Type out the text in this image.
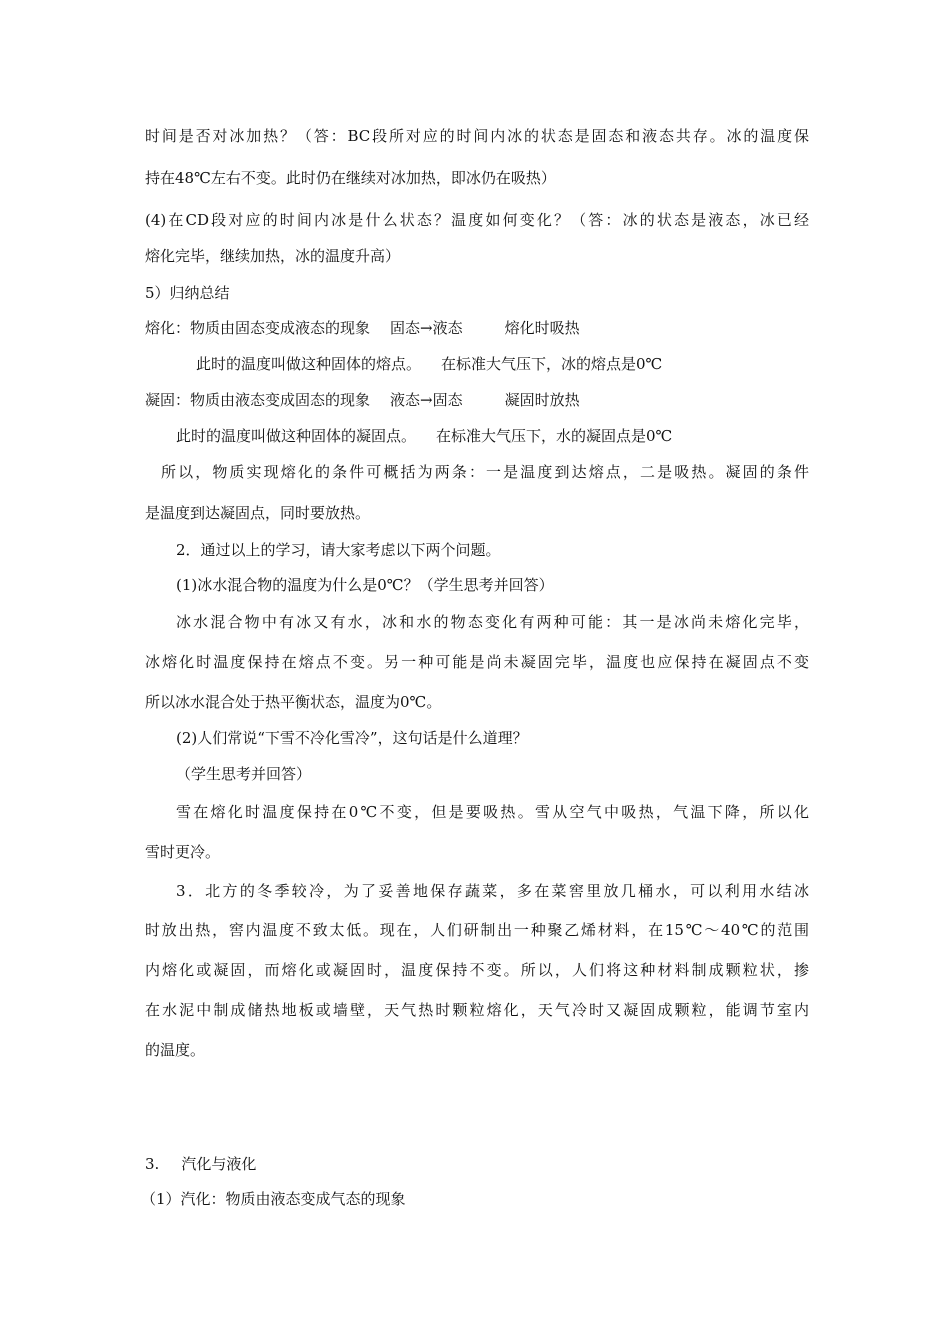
时间是否对冰加热？（答：BC段所对应的时间内冰的状态是固态和液态共存。冰的温度保
持在48℃左右不变。此时仍在继续对冰加热，即冰仍在吸热）
(4)在CD段对应的时间内冰是什么状态？温度如何变化？（答：冰的状态是液态，冰已经
熔化完毕，继续加热，冰的温度升高）
5）归纳总结
熔化：物质由固态变成液态的现象 固态→液态	熔化时吸热
此时的温度叫做这种固体的熔点。 在标准大气压下，冰的熔点是0℃
凝固：物质由液态变成固态的现象 液态→固态	凝固时放热
此时的温度叫做这种固体的凝固点。 在标准大气压下，水的凝固点是0℃
所以，物质实现熔化的条件可概括为两条：一是温度到达熔点，二是吸热。凝固的条件
是温度到达凝固点，同时要放热。
2．通过以上的学习，请大家考虑以下两个问题。
(1)冰水混合物的温度为什么是0℃？（学生思考并回答）
冰水混合物中有冰又有水，冰和水的物态变化有两种可能：其一是冰尚未熔化完毕，
冰熔化时温度保持在熔点不变。另一种可能是尚未凝固完毕，温度也应保持在凝固点不变
所以冰水混合处于热平衡状态，温度为0℃。
(2)人们常说“下雪不冷化雪冷”，这句话是什么道理？
（学生思考并回答）
雪在熔化时温度保持在0℃不变，但是要吸热。雪从空气中吸热，气温下降，所以化
雪时更冷。
3．北方的冬季较冷，为了妥善地保存蔬菜，多在菜窖里放几桶水，可以利用水结冰
时放出热，窖内温度不致太低。现在，人们研制出一种聚乙烯材料，在15℃～40℃的范围
内熔化或凝固，而熔化或凝固时，温度保持不变。所以，人们将这种材料制成颗粒状，掺
在水泥中制成储热地板或墙壁，天气热时颗粒熔化，天气冷时又凝固成颗粒，能调节室内
的温度。
3. 汽化与液化
（1）汽化：物质由液态变成气态的现象
